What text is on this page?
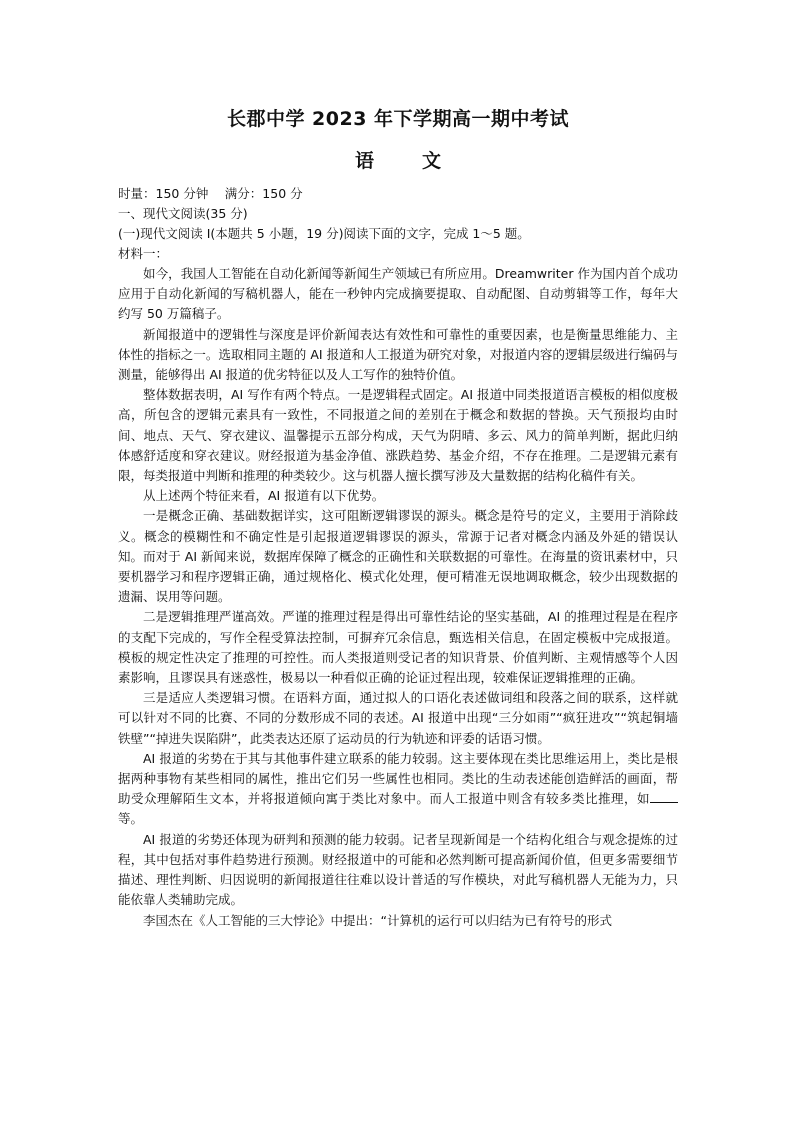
长郡中学 2023 年下学期高一期中考试
语	文

时量：150 分钟　 满分：150 分

一、现代文阅读(35 分)

(一)现代文阅读 I(本题共 5 小题，19 分)阅读下面的文字，完成 1～5 题。

材料一：

如今，我国人工智能在自动化新闻等新闻生产领域已有所应用。Dreamwriter 作为国内首个成功应用于自动化新闻的写稿机器人，能在一秒钟内完成摘要提取、自动配图、自动剪辑等工作，每年大约写 50 万篇稿子。

新闻报道中的逻辑性与深度是评价新闻表达有效性和可靠性的重要因素，也是衡量思维能力、主体性的指标之一。选取相同主题的 AI 报道和人工报道为研究对象，对报道内容的逻辑层级进行编码与测量，能够得出 AI 报道的优劣特征以及人工写作的独特价值。

整体数据表明，AI 写作有两个特点。一是逻辑程式固定。AI 报道中同类报道语言模板的相似度极高，所包含的逻辑元素具有一致性，不同报道之间的差别在于概念和数据的替换。天气预报均由时间、地点、天气、穿衣建议、温馨提示五部分构成，天气为阴晴、多云、风力的简单判断，据此归纳体感舒适度和穿衣建议。财经报道为基金净值、涨跌趋势、基金介绍，不存在推理。二是逻辑元素有限，每类报道中判断和推理的种类较少。这与机器人擅长撰写涉及大量数据的结构化稿件有关。

从上述两个特征来看，AI 报道有以下优势。

一是概念正确、基础数据详实，这可阻断逻辑谬误的源头。概念是符号的定义，主要用于消除歧义。概念的模糊性和不确定性是引起报道逻辑谬误的源头，常源于记者对概念内涵及外延的错误认知。而对于 AI 新闻来说，数据库保障了概念的正确性和关联数据的可靠性。在海量的资讯素材中，只要机器学习和程序逻辑正确，通过规格化、模式化处理，便可精准无误地调取概念，较少出现数据的遗漏、误用等问题。

二是逻辑推理严谨高效。严谨的推理过程是得出可靠性结论的坚实基础，AI 的推理过程是在程序的支配下完成的，写作全程受算法控制，可摒弃冗余信息，甄选相关信息，在固定模板中完成报道。模板的规定性决定了推理的可控性。而人类报道则受记者的知识背景、价值判断、主观情感等个人因素影响，且谬误具有迷惑性，极易以一种看似正确的论证过程出现，较难保证逻辑推理的正确。

三是适应人类逻辑习惯。在语料方面，通过拟人的口语化表述做词组和段落之间的联系，这样就可以针对不同的比赛、不同的分数形成不同的表述。AI 报道中出现“三分如雨”“疯狂进攻”“筑起铜墙铁壁”“掉进失误陷阱”，此类表达还原了运动员的行为轨迹和评委的话语习惯。

AI 报道的劣势在于其与其他事件建立联系的能力较弱。这主要体现在类比思维运用上，类比是根据两种事物有某些相同的属性，推出它们另一些属性也相同。类比的生动表述能创造鲜活的画面，帮助受众理解陌生文本，并将报道倾向寓于类比对象中。而人工报道中则含有较多类比推理，如等。

AI 报道的劣势还体现为研判和预测的能力较弱。记者呈现新闻是一个结构化组合与观念提炼的过程，其中包括对事件趋势进行预测。财经报道中的可能和必然判断可提高新闻价值，但更多需要细节描述、理性判断、归因说明的新闻报道往往难以设计普适的写作模块，对此写稿机器人无能为力，只能依靠人类辅助完成。

李国杰在《人工智能的三大悖论》中提出：“计算机的运行可以归结为已有符号的形式
